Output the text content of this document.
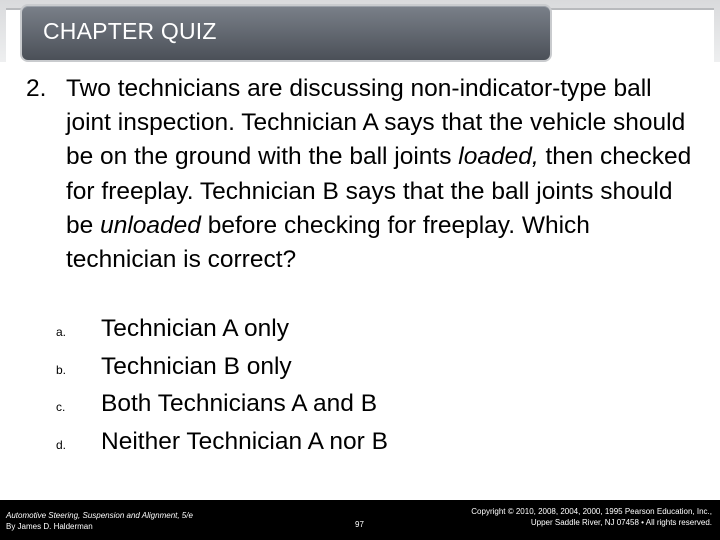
CHAPTER QUIZ
2. Two technicians are discussing non-indicator-type ball joint inspection. Technician A says that the vehicle should be on the ground with the ball joints loaded, then checked for freeplay. Technician B says that the ball joints should be unloaded before checking for freeplay. Which technician is correct?
a. Technician A only
b. Technician B only
c. Both Technicians A and B
d. Neither Technician A nor B
Automotive Steering, Suspension and Alignment, 5/e
By James D. Halderman	97
Copyright © 2010, 2008, 2004, 2000, 1995 Pearson Education, Inc.,
Upper Saddle River, NJ 07458 • All rights reserved.
